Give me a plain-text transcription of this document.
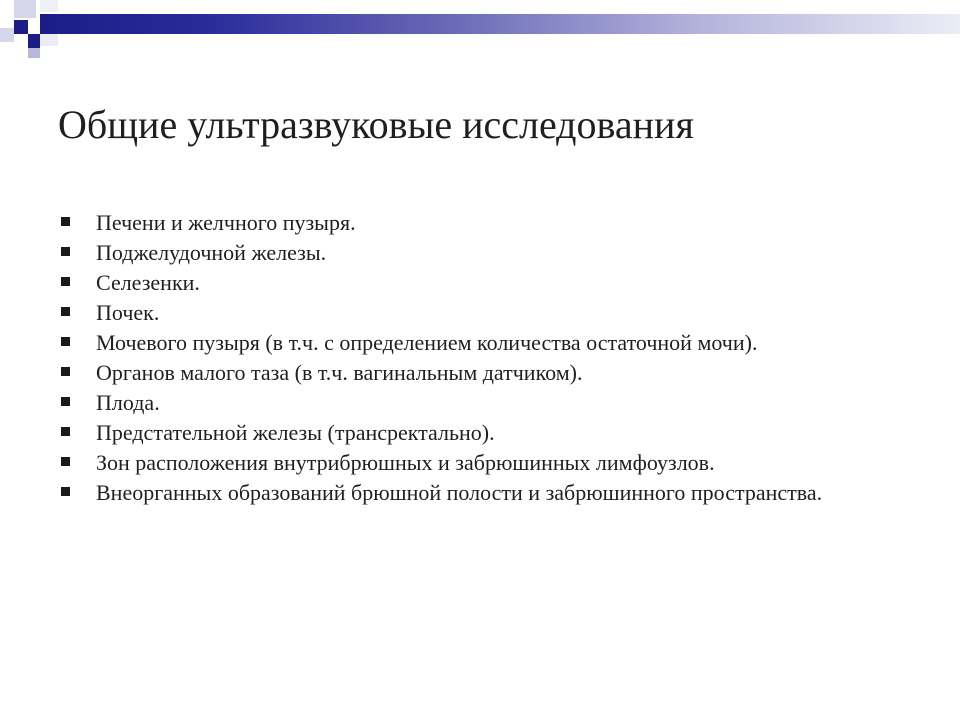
Общие ультразвуковые исследования
Печени и желчного пузыря.
Поджелудочной железы.
Селезенки.
Почек.
Мочевого пузыря (в т.ч. с определением количества остаточной мочи).
Органов малого таза (в т.ч. вагинальным датчиком).
Плода.
Предстательной железы (трансректально).
Зон расположения внутрибрюшных и забрюшинных лимфоузлов.
Внеорганных образований брюшной полости и забрюшинного пространства.
